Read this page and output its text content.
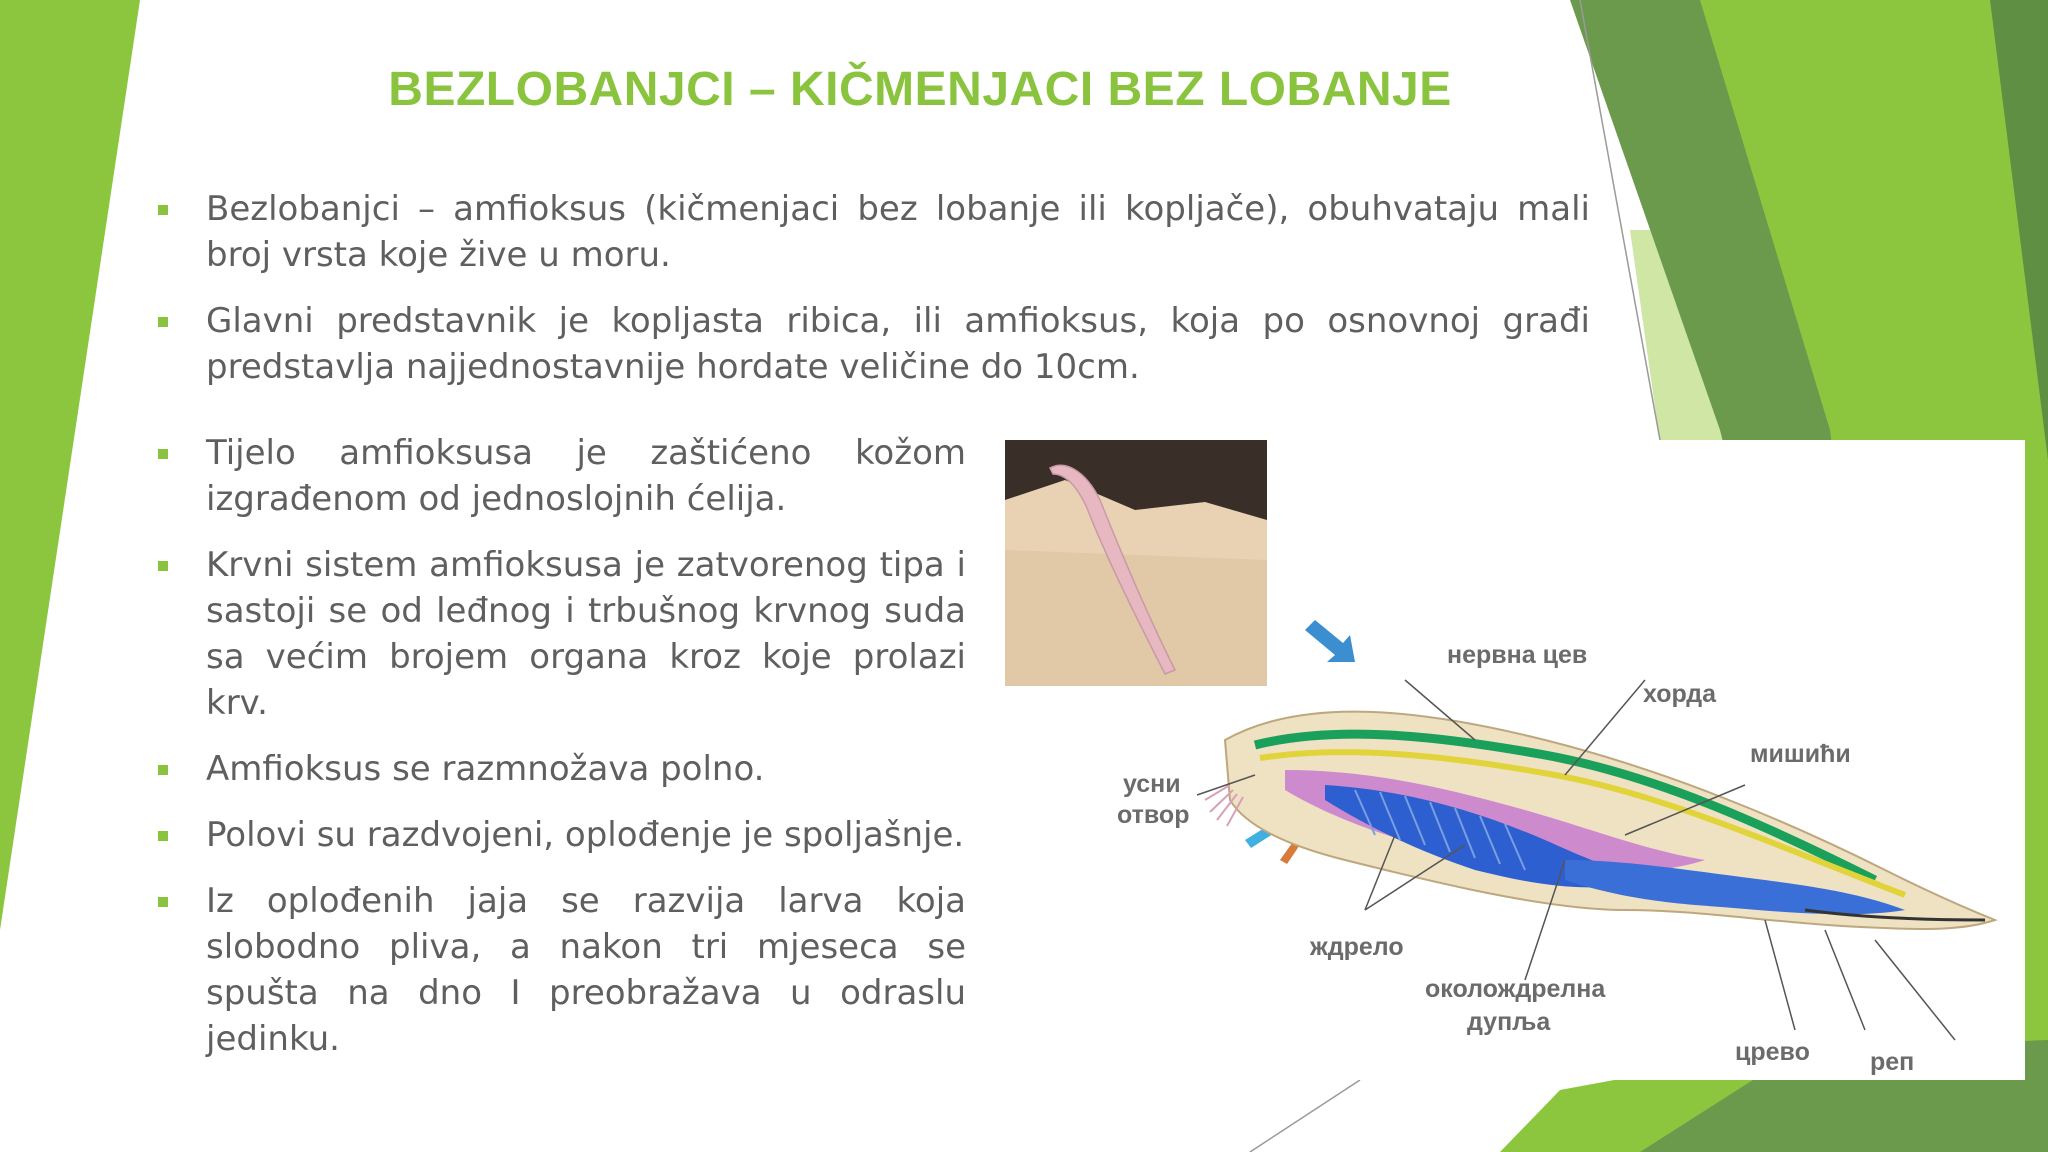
BEZLOBANJCI – KIČMENJACI BEZ LOBANJE
Bezlobanjci – amfioksus (kičmenjaci bez lobanje ili kopljače), obuhvataju mali broj vrsta koje žive u moru.
Glavni predstavnik je kopljasta ribica, ili amfioksus, koja po osnovnoj građi predstavlja najjednostavnije hordate veličine do 10cm.
Tijelo amfioksusa je zaštićeno kožom izgrađenom od jednoslojnih ćelija.
Krvni sistem amfioksusa je zatvorenog tipa i sastoji se od leđnog i trbušnog krvnog suda sa većim brojem organa kroz koje prolazi krv.
Amfioksus se razmnožava polno.
Polovi su razdvojeni, oplođenje je spoljašnje.
Iz oplođenih jaja se razvija larva koja slobodno pliva, a nakon tri mjeseca se spušta na dno I preobražava u odraslu jedinku.
нервна цев
хорда
мишићи
усни
отвор
ждрело
околождрелна
дупља
црево реп
